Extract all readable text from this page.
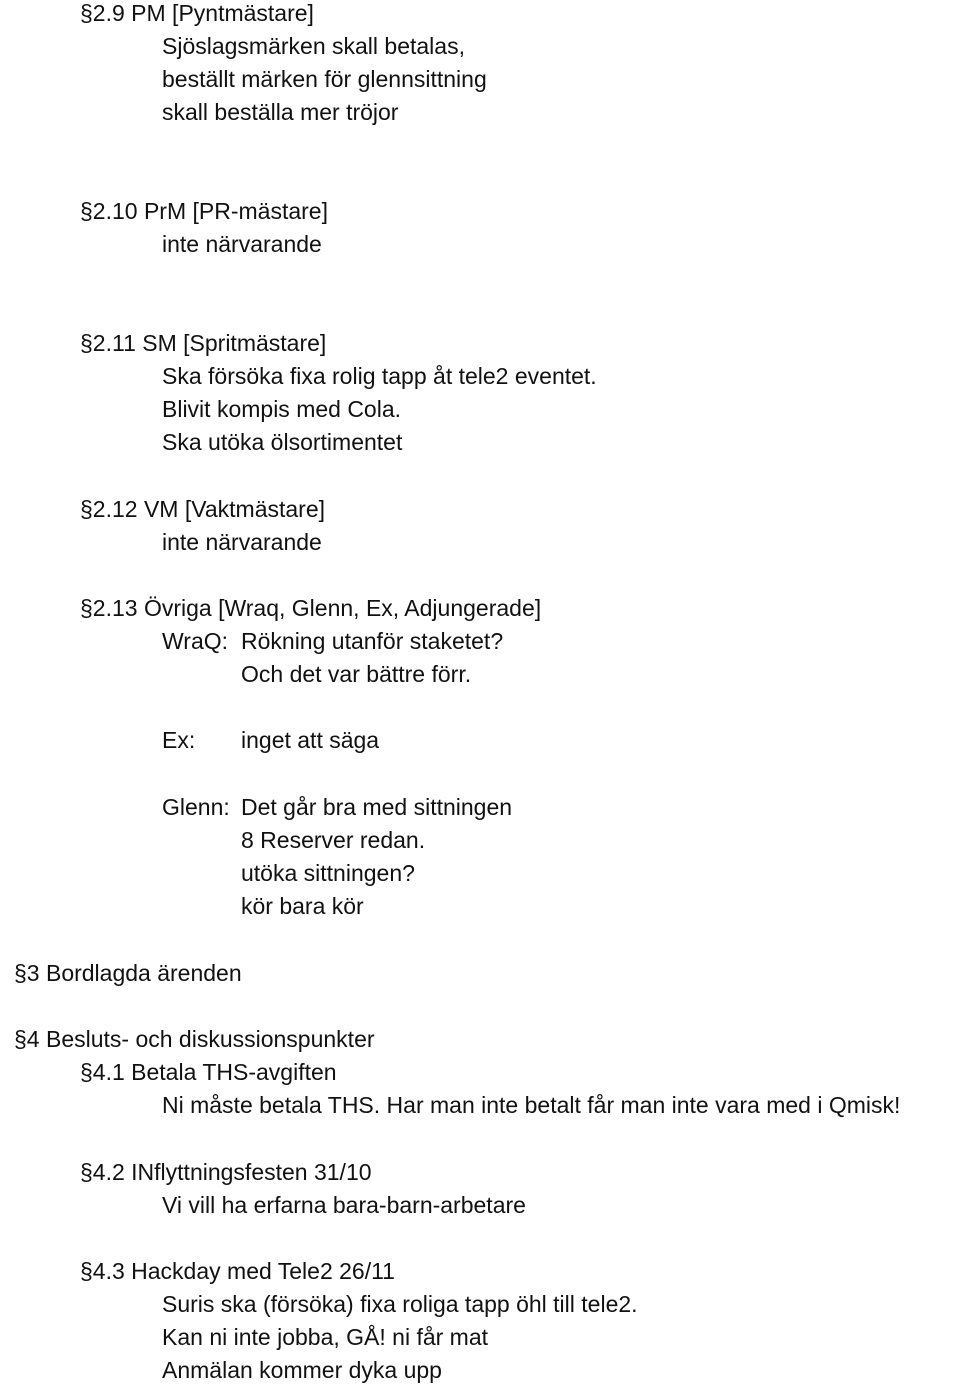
§ 2.9 PM [Pyntmästare]
Sjöslagsmärken skall betalas,
beställt märken för glennsittning
skall beställa mer tröjor
§ 2.10 PrM [PR-mästare]
inte närvarande
§ 2.11 SM [Spritmästare]
Ska försöka fixa rolig tapp åt tele2 eventet.
Blivit kompis med Cola.
Ska utöka ölsortimentet
§ 2.12 VM [Vaktmästare]
inte närvarande
§ 2.13 Övriga [Wraq, Glenn, Ex, Adjungerade]
WraQ: Rökning utanför staketet?
Och det var bättre förr.
Ex: inget att säga
Glenn: Det går bra med sittningen
8 Reserver redan.
utöka sittningen?
kör bara kör
§ 3 Bordlagda ärenden
§ 4 Besluts- och diskussionspunkter
§ 4.1 Betala THS-avgiften
Ni måste betala THS. Har man inte betalt får man inte vara med i Qmisk!
§ 4.2 INflyttningsfesten 31/10
Vi vill ha erfarna bara-barn-arbetare
§ 4.3 Hackday med Tele2 26/11
Suris ska (försöka) fixa roliga tapp öhl till tele2.
Kan ni inte jobba, GÅ! ni får mat
Anmälan kommer dyka upp
